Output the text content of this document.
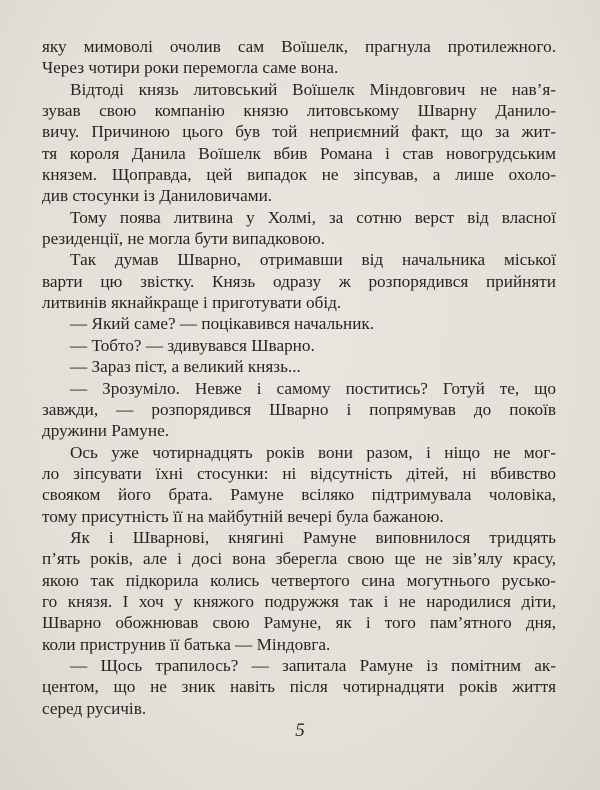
яку мимоволі очолив сам Воїшелк, прагнула протилежного.
Через чотири роки перемогла саме вона.
Відтоді князь литовський Воїшелк Міндовгович не нав’я-
зував свою компанію князю литовському Шварну Данило-
вичу. Причиною цього був той неприємний факт, що за жит-
тя короля Данила Воїшелк вбив Романа і став новогрудським
князем. Щоправда, цей випадок не зіпсував, а лише охоло-
див стосунки із Даниловичами.
Тому поява литвина у Холмі, за сотню верст від власної
резиденції, не могла бути випадковою.
Так думав Шварно, отримавши від начальника міської
варти цю звістку. Князь одразу ж розпорядився прийняти
литвинів якнайкраще і приготувати обід.
— Який саме? — поцікавився начальник.
— Тобто? — здивувався Шварно.
— Зараз піст, а великий князь...
— Зрозуміло. Невже і самому поститись? Готуй те, що
завжди, — розпорядився Шварно і попрямував до покоїв
дружини Рамуне.
Ось уже чотирнадцять років вони разом, і ніщо не мог-
ло зіпсувати їхні стосунки: ні відсутність дітей, ні вбивство
свояком його брата. Рамуне всіляко підтримувала чоловіка,
тому присутність її на майбутній вечері була бажаною.
Як і Шварнові, княгині Рамуне виповнилося тридцять
п’ять років, але і досі вона зберегла свою ще не зів’ялу красу,
якою так підкорила колись четвертого сина могутнього русько-
го князя. І хоч у княжого подружжя так і не народилися діти,
Шварно обожнював свою Рамуне, як і того пам’ятного дня,
коли приструнив її батька — Міндовга.
— Щось трапилось? — запитала Рамуне із помітним ак-
центом, що не зник навіть після чотирнадцяти років життя
серед русичів.
5
